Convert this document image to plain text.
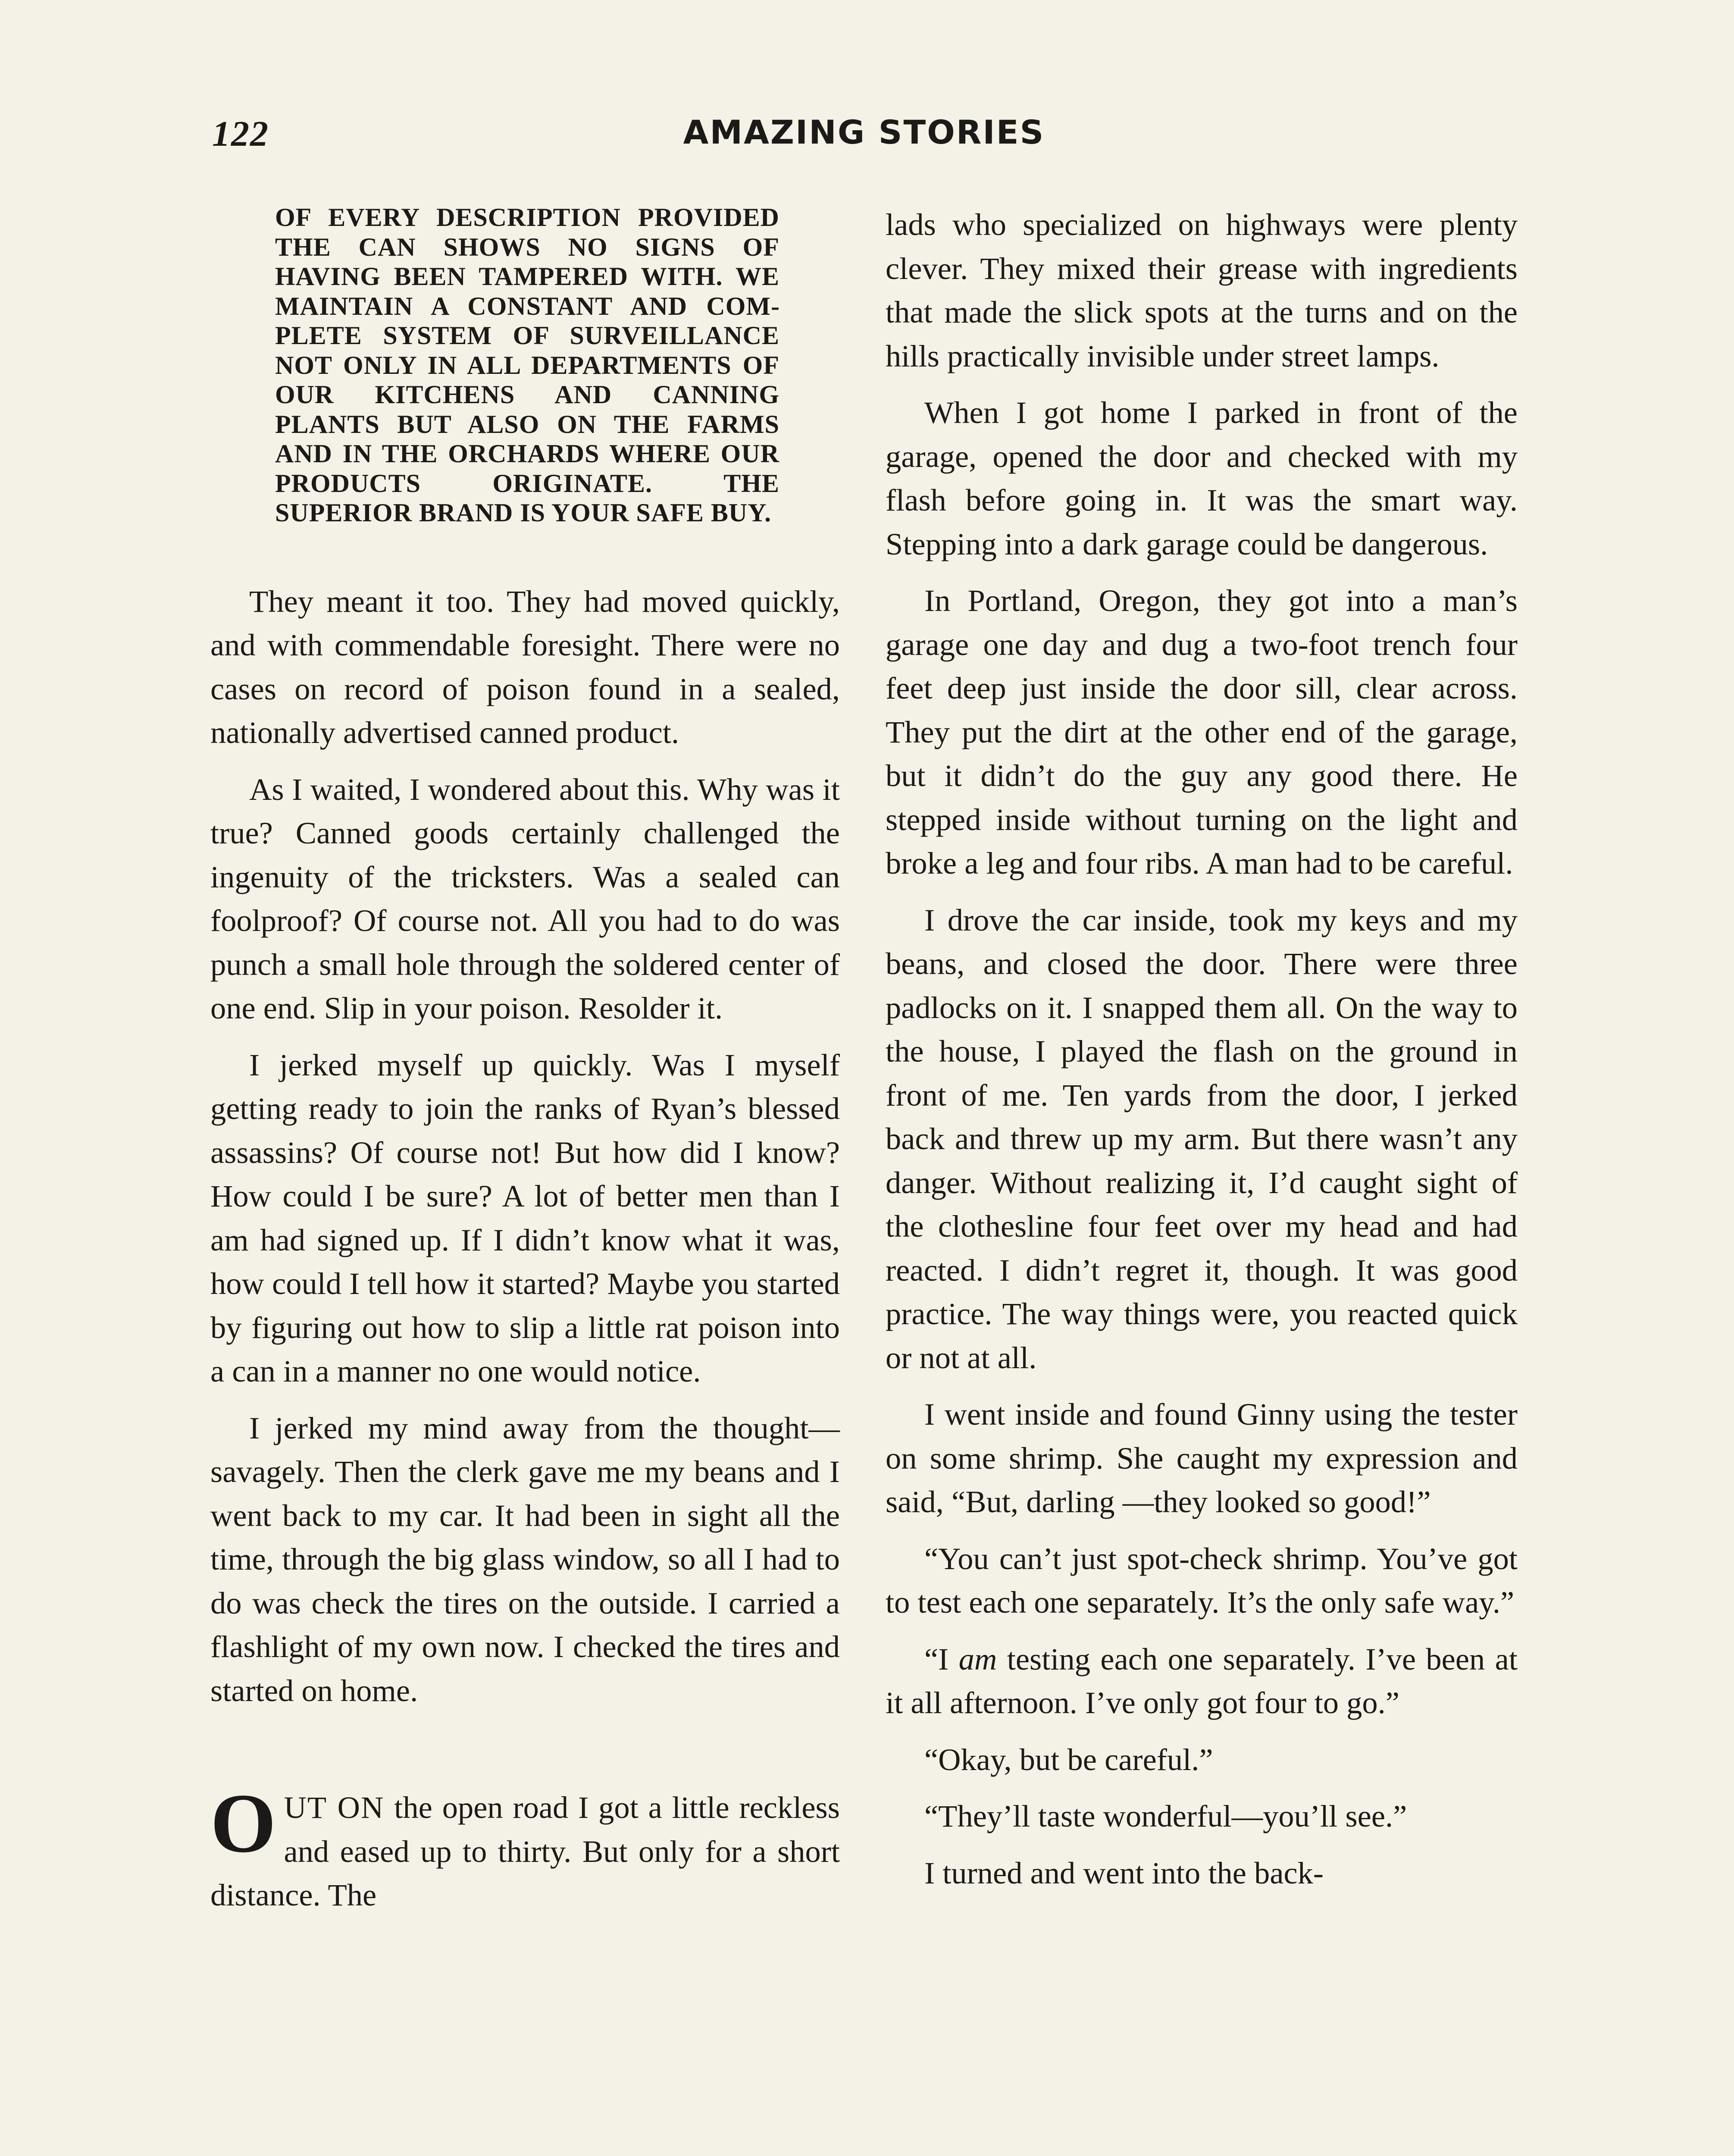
122	AMAZING STORIES
OF EVERY DESCRIPTION PROVIDED THE CAN SHOWS NO SIGNS OF HAVING BEEN TAMPERED WITH. WE MAINTAIN A CONSTANT AND COMPLETE SYSTEM OF SURVEILLANCE NOT ONLY IN ALL DEPARTMENTS OF OUR KITCHENS AND CANNING PLANTS BUT ALSO ON THE FARMS AND IN THE ORCHARDS WHERE OUR PRODUCTS ORIGINATE. THE SUPERIOR BRAND IS YOUR SAFE BUY.

They meant it too. They had moved quickly, and with commendable foresight. There were no cases on record of poison found in a sealed, nationally advertised canned product.

As I waited, I wondered about this. Why was it true? Canned goods certainly challenged the ingenuity of the tricksters. Was a sealed can foolproof? Of course not. All you had to do was punch a small hole through the soldered center of one end. Slip in your poison. Resolder it.

I jerked myself up quickly. Was I myself getting ready to join the ranks of Ryan’s blessed assassins? Of course not! But how did I know? How could I be sure? A lot of better men than I am had signed up. If I didn’t know what it was, how could I tell how it started? Maybe you started by figuring out how to slip a little rat poison into a can in a manner no one would notice.

I jerked my mind away from the thought—savagely. Then the clerk gave me my beans and I went back to my car. It had been in sight all the time, through the big glass window, so all I had to do was check the tires on the outside. I carried a flashlight of my own now. I checked the tires and started on home.

OUT ON the open road I got a little reckless and eased up to thirty. But only for a short distance. The

lads who specialized on highways were plenty clever. They mixed their grease with ingredients that made the slick spots at the turns and on the hills practically invisible under street lamps.

When I got home I parked in front of the garage, opened the door and checked with my flash before going in. It was the smart way. Stepping into a dark garage could be dangerous.

In Portland, Oregon, they got into a man’s garage one day and dug a two-foot trench four feet deep just inside the door sill, clear across. They put the dirt at the other end of the garage, but it didn’t do the guy any good there. He stepped inside without turning on the light and broke a leg and four ribs. A man had to be careful.

I drove the car inside, took my keys and my beans, and closed the door. There were three padlocks on it. I snapped them all. On the way to the house, I played the flash on the ground in front of me. Ten yards from the door, I jerked back and threw up my arm. But there wasn’t any danger. Without realizing it, I’d caught sight of the clothesline four feet over my head and had reacted. I didn’t regret it, though. It was good practice. The way things were, you reacted quick or not at all.

I went inside and found Ginny using the tester on some shrimp. She caught my expression and said, “But, darling —they looked so good!”

“You can’t just spot-check shrimp. You’ve got to test each one separately. It’s the only safe way.”

“I am testing each one separately. I’ve been at it all afternoon. I’ve only got four to go.”

“Okay, but be careful.”

“They’ll taste wonderful—you’ll see.”

I turned and went into the back-
